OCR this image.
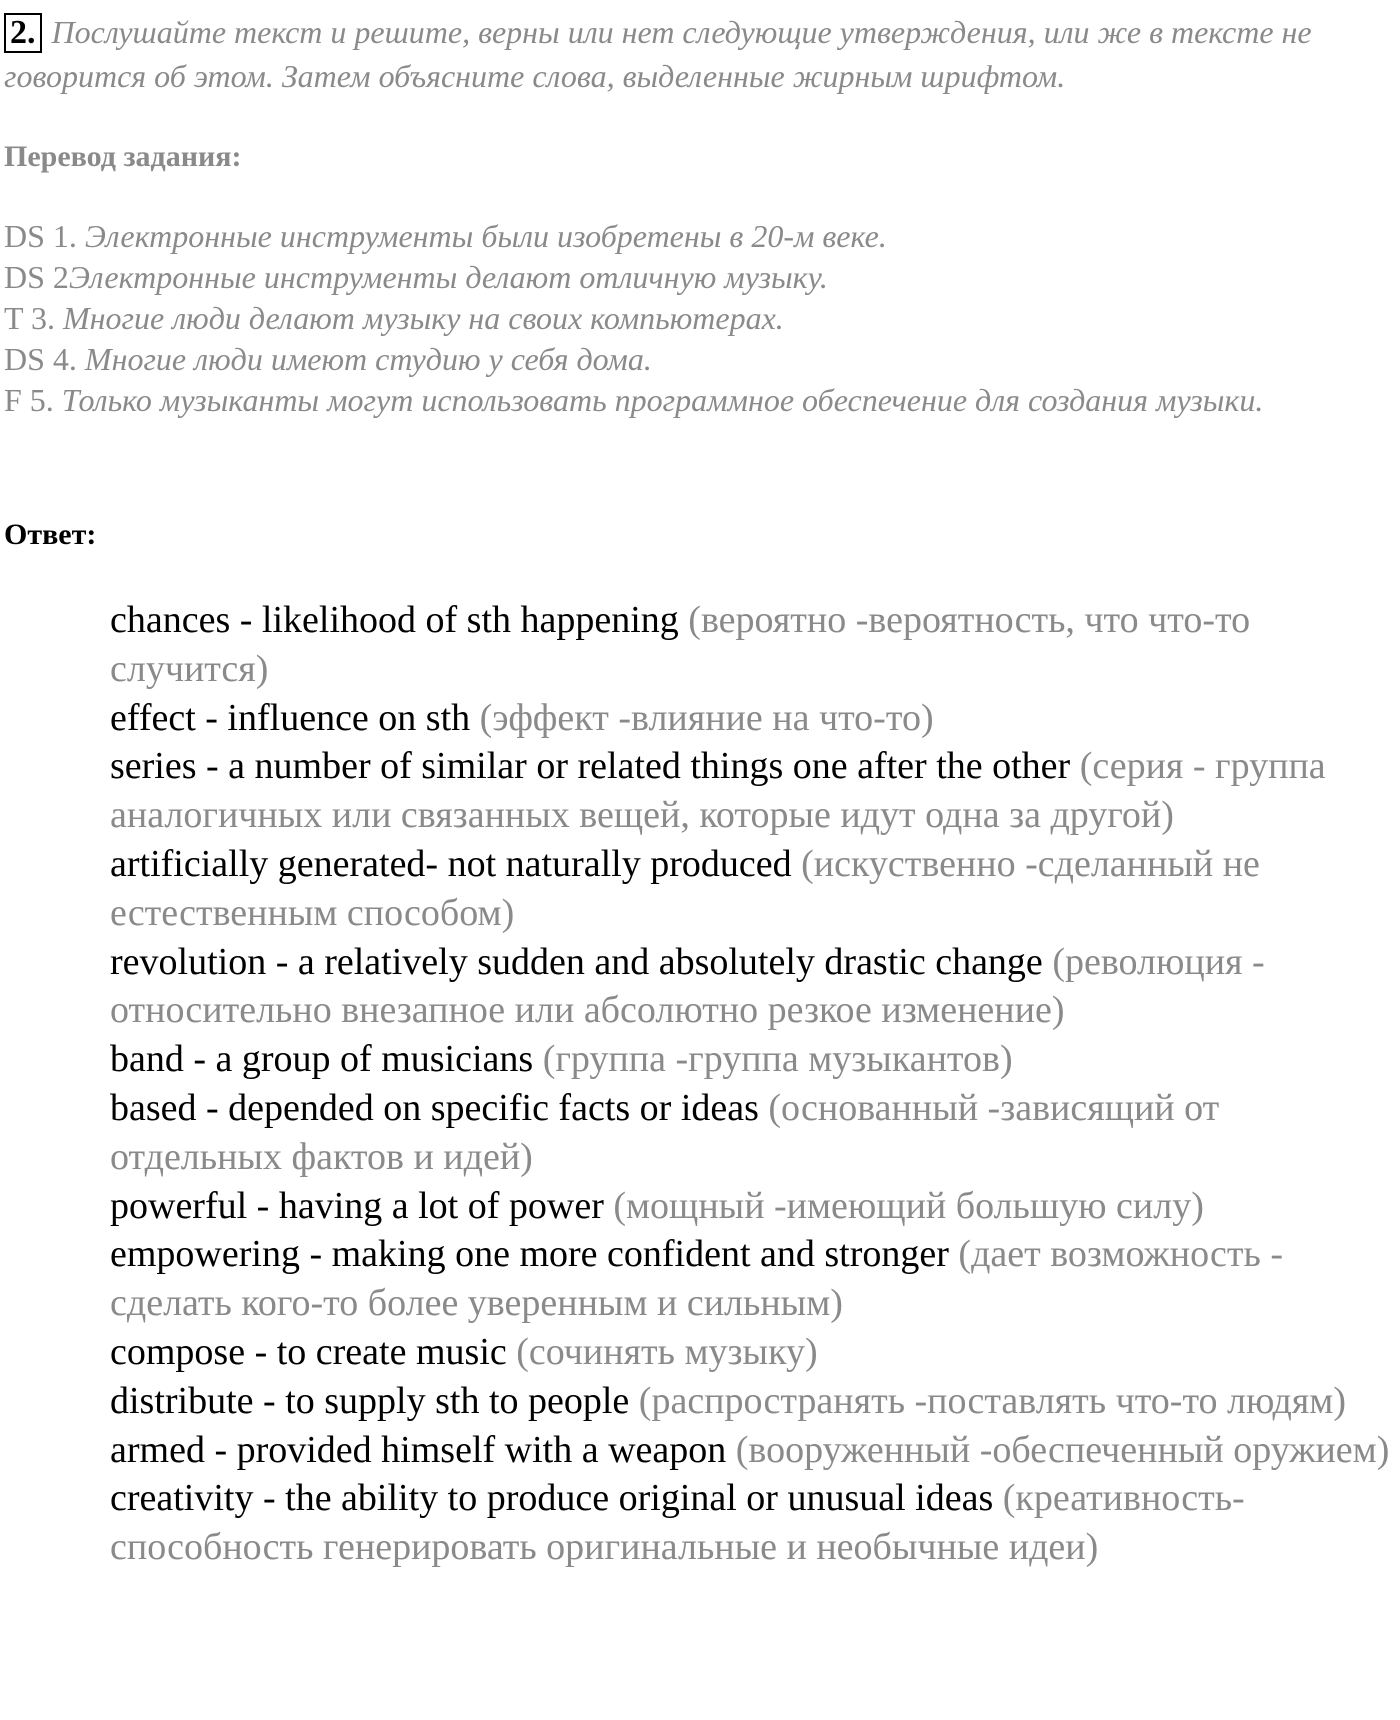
2. Послушайте текст и решите, верны или нет следующие утверждения, или же в тексте не говорится об этом. Затем объясните слова, выделенные жирным шрифтом.
Перевод задания:
DS 1. Электронные инструменты были изобретены в 20-м веке.
DS 2Электронные инструменты делают отличную музыку.
T 3. Многие люди делают музыку на своих компьютерах.
DS 4. Многие люди имеют студию у себя дома.
F 5. Только музыканты могут использовать программное обеспечение для создания музыки.
Ответ:
chances - likelihood of sth happening (вероятно -вероятность, что что-то случится)
effect - influence on sth (эффект -влияние на что-то)
series - a number of similar or related things one after the other (серия - группа аналогичных или связанных вещей, которые идут одна за другой)
artificially generated- not naturally produced (искуственно -сделанный не естественным способом)
revolution - a relatively sudden and absolutely drastic change (революция - относительно внезапное или абсолютно резкое изменение)
band - a group of musicians (группа -группа музыкантов)
based - depended on specific facts or ideas (основанный -зависящий от отдельных фактов и идей)
powerful - having a lot of power (мощный -имеющий большую силу)
empowering - making one more confident and stronger (дает возможность - сделать кого-то более уверенным и сильным)
compose - to create music (сочинять музыку)
distribute - to supply sth to people (распространять -поставлять что-то людям)
armed - provided himself with a weapon (вооруженный -обеспеченный оружием)
creativity - the ability to produce original or unusual ideas (креативность- способность генерировать оригинальные и необычные идеи)
